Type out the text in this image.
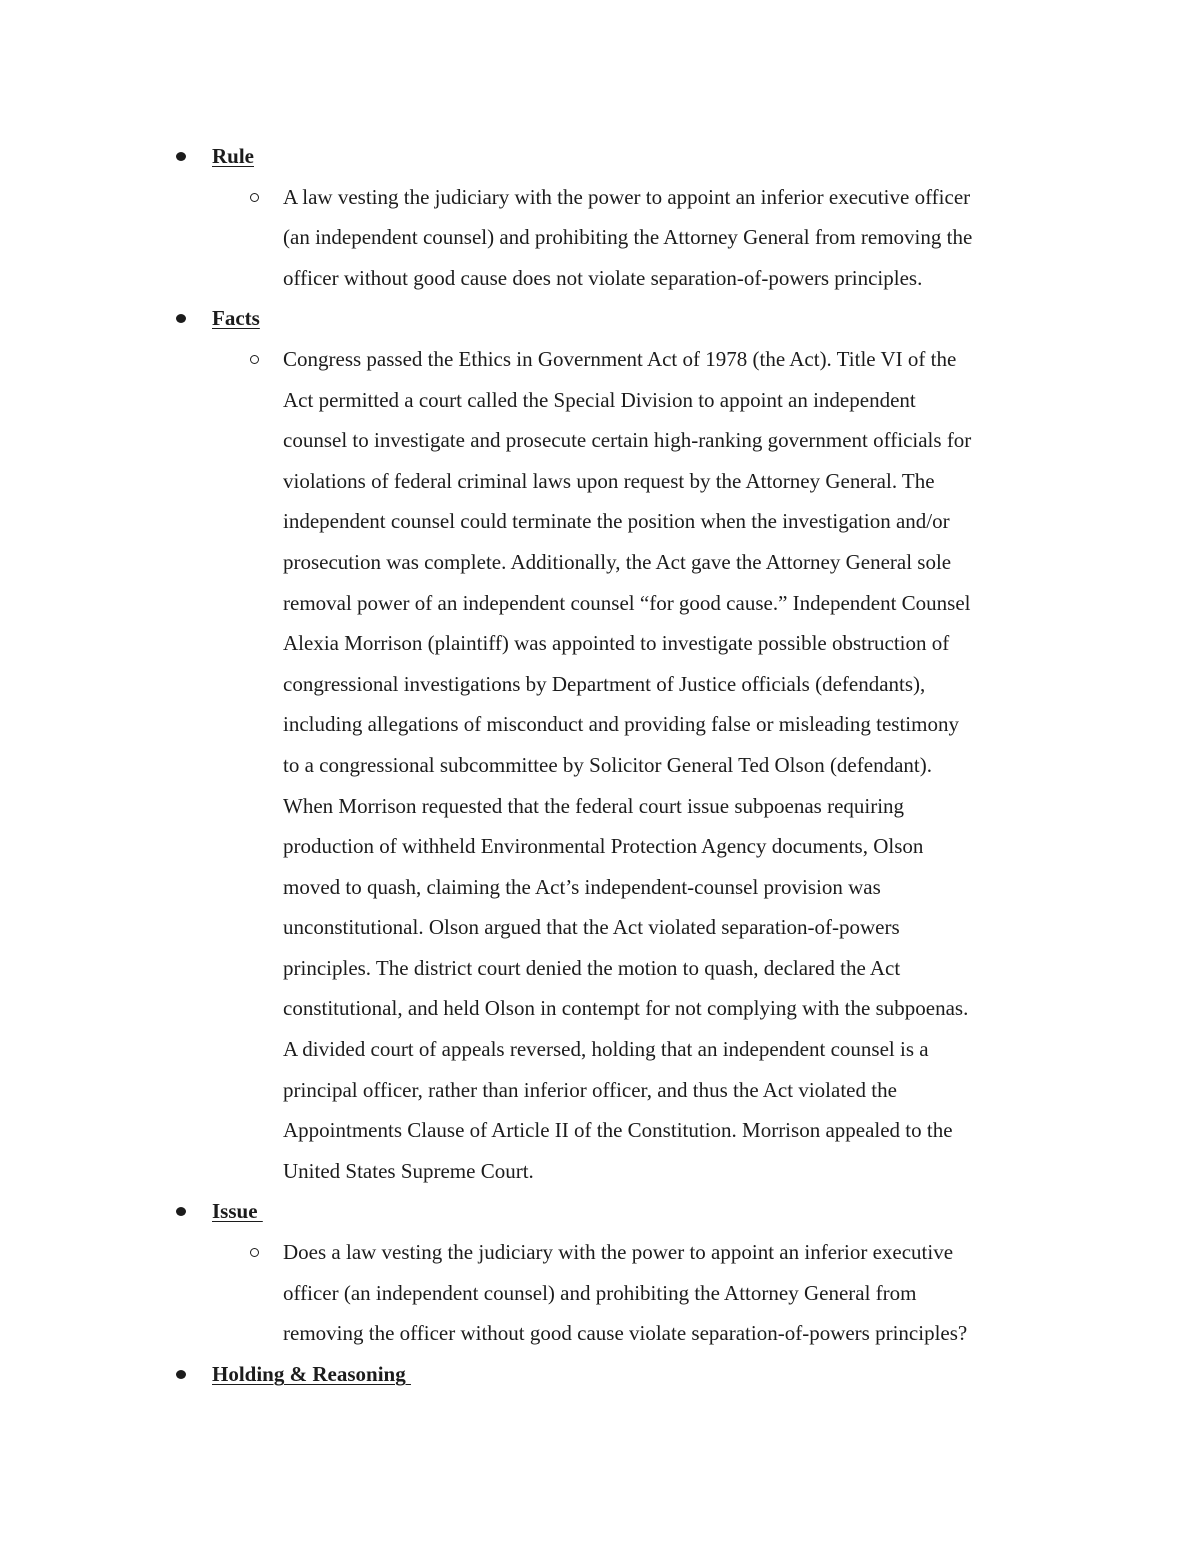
Rule

A law vesting the judiciary with the power to appoint an inferior executive officer
(an independent counsel) and prohibiting the Attorney General from removing the
officer without good cause does not violate separation-of-powers principles.

Facts

Congress passed the Ethics in Government Act of 1978 (the Act). Title VI of the
Act permitted a court called the Special Division to appoint an independent
counsel to investigate and prosecute certain high-ranking government officials for
violations of federal criminal laws upon request by the Attorney General. The
independent counsel could terminate the position when the investigation and/or
prosecution was complete. Additionally, the Act gave the Attorney General sole
removal power of an independent counsel “for good cause.” Independent Counsel
Alexia Morrison (plaintiff) was appointed to investigate possible obstruction of
congressional investigations by Department of Justice officials (defendants),
including allegations of misconduct and providing false or misleading testimony
to a congressional subcommittee by Solicitor General Ted Olson (defendant).
When Morrison requested that the federal court issue subpoenas requiring
production of withheld Environmental Protection Agency documents, Olson
moved to quash, claiming the Act’s independent-counsel provision was
unconstitutional. Olson argued that the Act violated separation-of-powers
principles. The district court denied the motion to quash, declared the Act
constitutional, and held Olson in contempt for not complying with the subpoenas.
A divided court of appeals reversed, holding that an independent counsel is a
principal officer, rather than inferior officer, and thus the Act violated the
Appointments Clause of Article II of the Constitution. Morrison appealed to the
United States Supreme Court.

Issue

Does a law vesting the judiciary with the power to appoint an inferior executive
officer (an independent counsel) and prohibiting the Attorney General from
removing the officer without good cause violate separation-of-powers principles?

Holding & Reasoning
